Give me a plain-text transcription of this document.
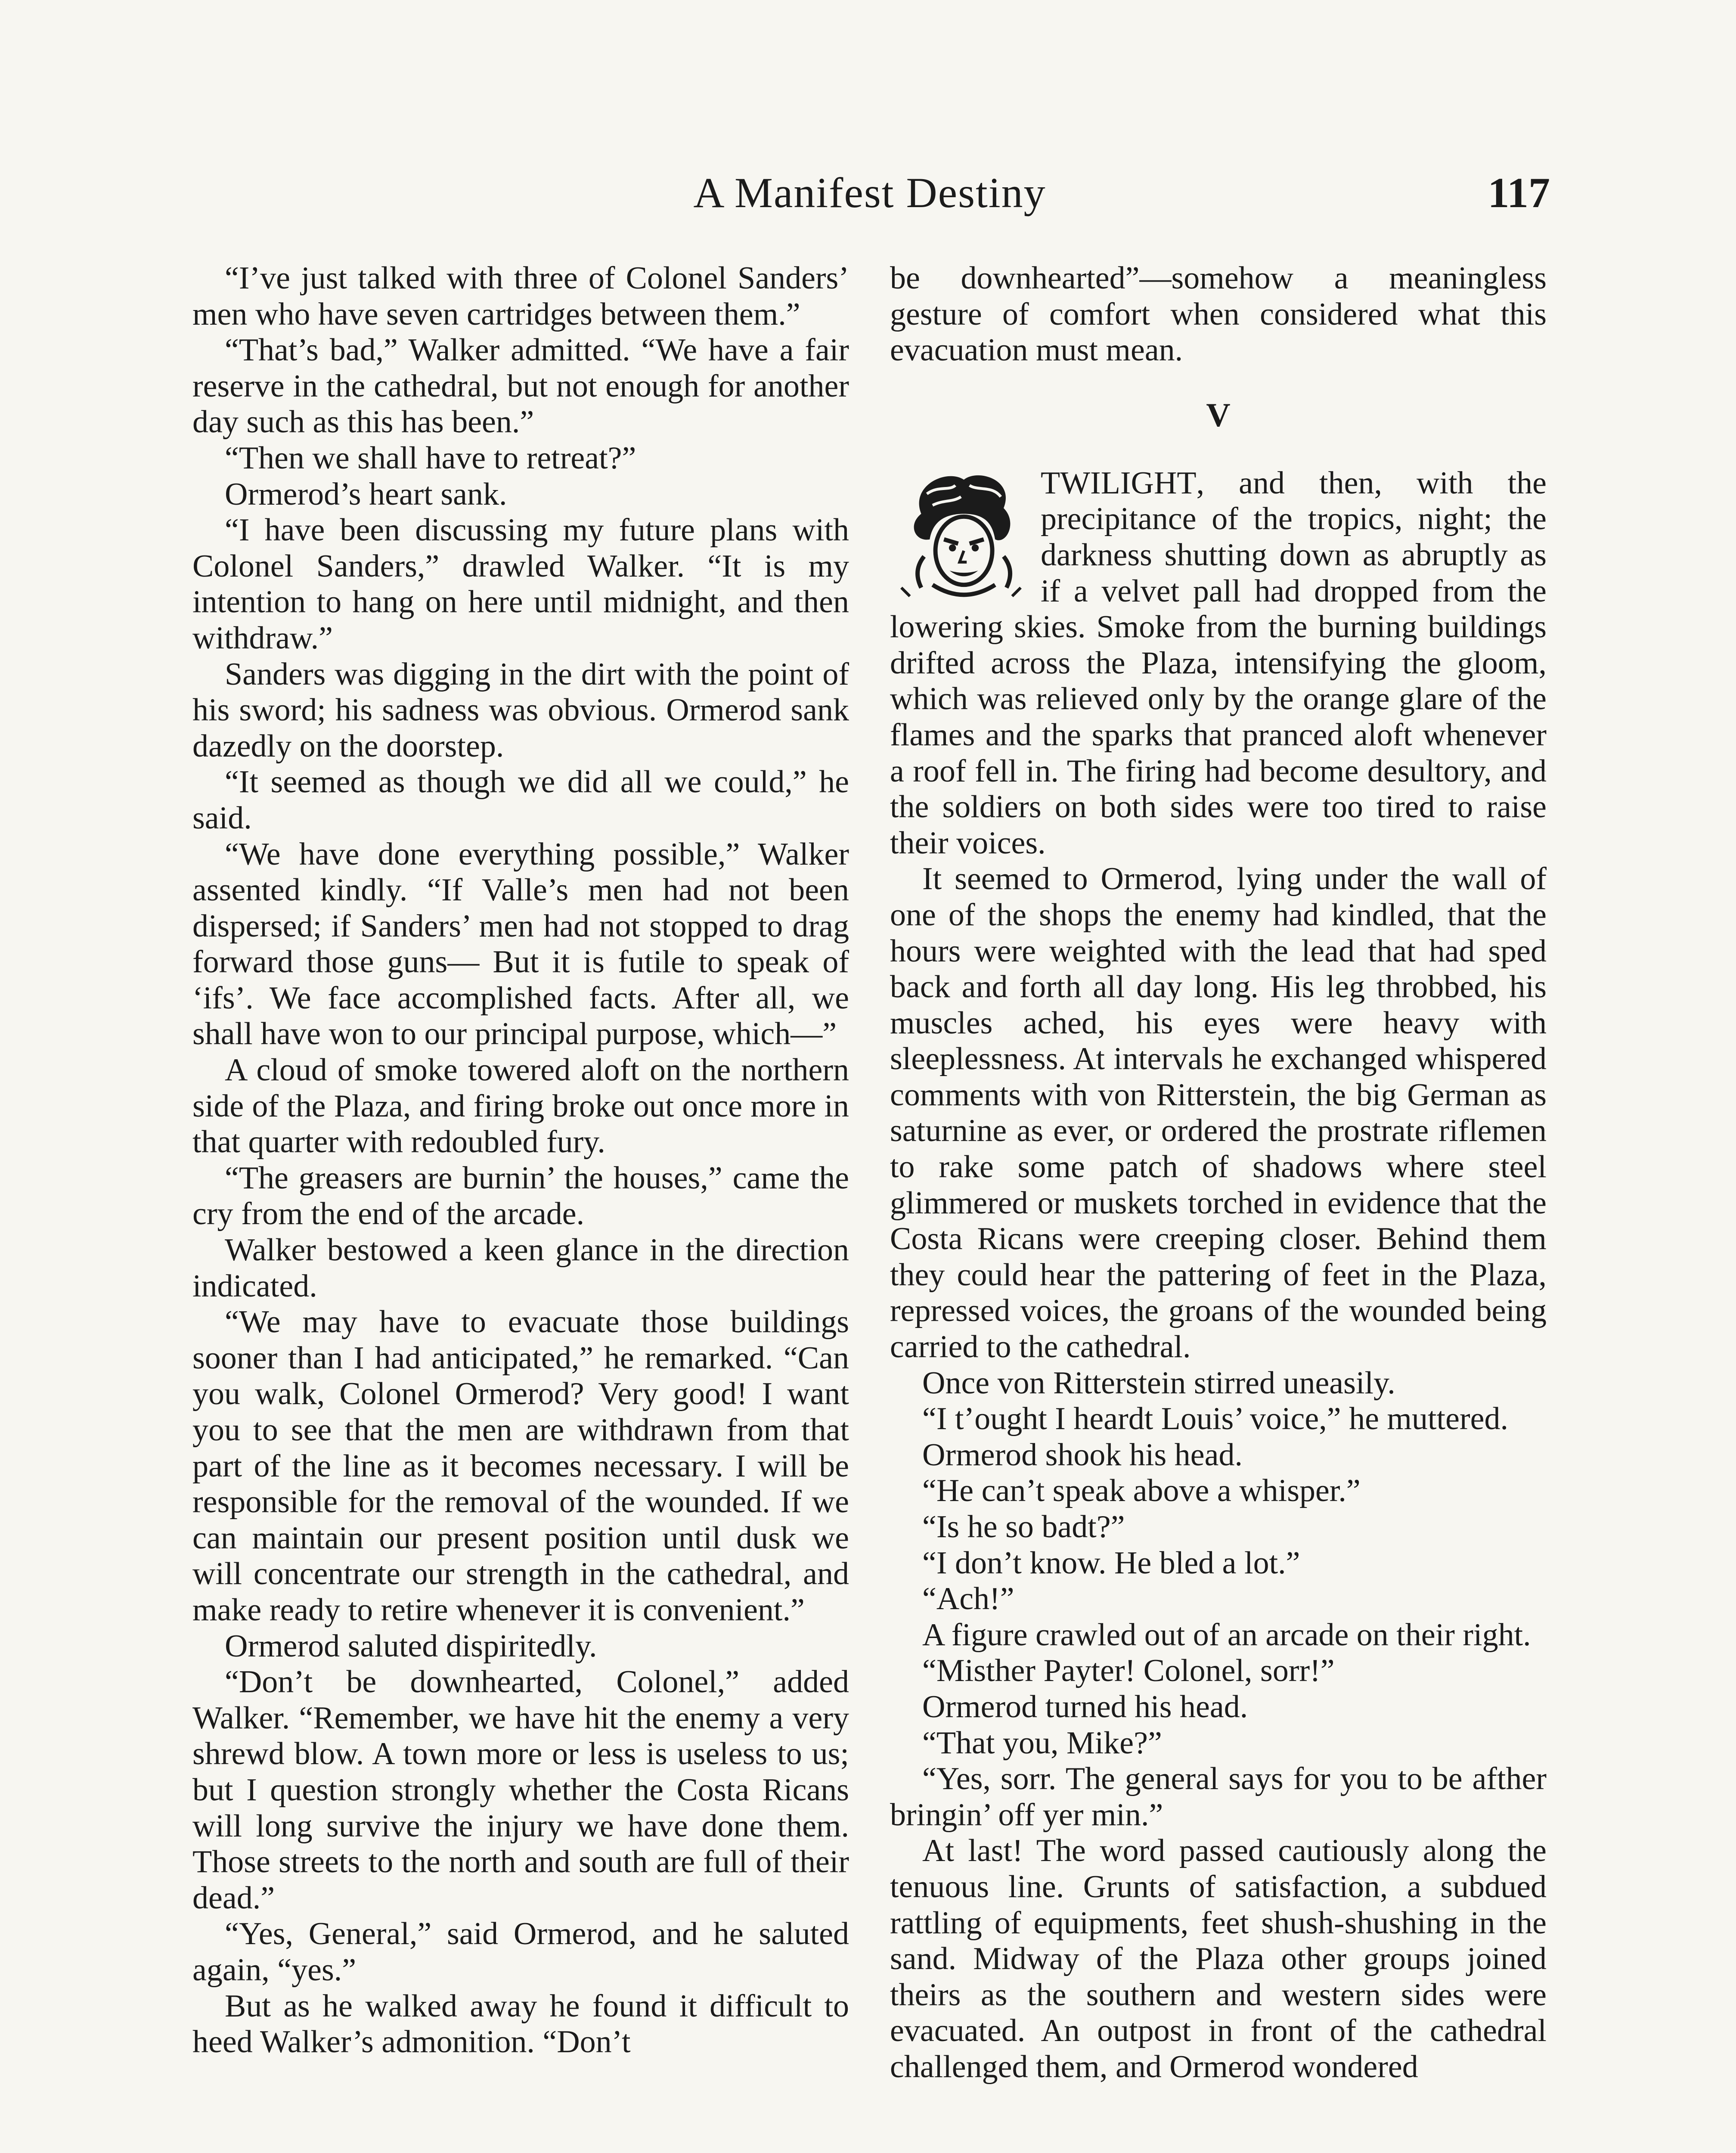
A Manifest Destiny	117

“I’ve just talked with three of Colonel Sanders’ men who have seven cartridges between them.”

“That’s bad,” Walker admitted. “We have a fair reserve in the cathedral, but not enough for another day such as this has been.”

“Then we shall have to retreat?”

Ormerod’s heart sank.

“I have been discussing my future plans with Colonel Sanders,” drawled Walker. “It is my intention to hang on here until midnight, and then withdraw.”

Sanders was digging in the dirt with the point of his sword; his sadness was obvious. Ormerod sank dazedly on the doorstep.

“It seemed as though we did all we could,” he said.

“We have done everything possible,” Walker assented kindly. “If Valle’s men had not been dispersed; if Sanders’ men had not stopped to drag forward those guns— But it is futile to speak of ‘ifs’. We face accomplished facts. After all, we shall have won to our principal purpose, which—”

A cloud of smoke towered aloft on the northern side of the Plaza, and firing broke out once more in that quarter with redoubled fury.

“The greasers are burnin’ the houses,” came the cry from the end of the arcade.

Walker bestowed a keen glance in the direction indicated.

“We may have to evacuate those buildings sooner than I had anticipated,” he remarked. “Can you walk, Colonel Ormerod? Very good! I want you to see that the men are withdrawn from that part of the line as it becomes necessary. I will be responsible for the removal of the wounded. If we can maintain our present position until dusk we will concentrate our strength in the cathedral, and make ready to retire whenever it is convenient.”

Ormerod saluted dispiritedly.

“Don’t be downhearted, Colonel,” added Walker. “Remember, we have hit the enemy a very shrewd blow. A town more or less is useless to us; but I question strongly whether the Costa Ricans will long survive the injury we have done them. Those streets to the north and south are full of their dead.”

“Yes, General,” said Ormerod, and he saluted again, “yes.”

But as he walked away he found it difficult to heed Walker’s admonition. “Don’t

be downhearted”—somehow a meaningless gesture of comfort when considered what this evacuation must mean.

V

TWILIGHT, and then, with the precipitance of the tropics, night; the darkness shutting down as abruptly as if a velvet pall had dropped from the lowering skies. Smoke from the burning buildings drifted across the Plaza, intensifying the gloom, which was relieved only by the orange glare of the flames and the sparks that pranced aloft whenever a roof fell in. The firing had become desultory, and the soldiers on both sides were too tired to raise their voices.

It seemed to Ormerod, lying under the wall of one of the shops the enemy had kindled, that the hours were weighted with the lead that had sped back and forth all day long. His leg throbbed, his muscles ached, his eyes were heavy with sleeplessness. At intervals he exchanged whispered comments with von Ritterstein, the big German as saturnine as ever, or ordered the prostrate riflemen to rake some patch of shadows where steel glimmered or muskets torched in evidence that the Costa Ricans were creeping closer. Behind them they could hear the pattering of feet in the Plaza, repressed voices, the groans of the wounded being carried to the cathedral.

Once von Ritterstein stirred uneasily.

“I t’ought I heardt Louis’ voice,” he muttered.

Ormerod shook his head.

“He can’t speak above a whisper.”

“Is he so badt?”

“I don’t know. He bled a lot.”

“Ach!”

A figure crawled out of an arcade on their right.

“Misther Payter! Colonel, sorr!”

Ormerod turned his head.

“That you, Mike?”

“Yes, sorr. The general says for you to be afther bringin’ off yer min.”

At last! The word passed cautiously along the tenuous line. Grunts of satisfaction, a subdued rattling of equipments, feet shush-shushing in the sand. Midway of the Plaza other groups joined theirs as the southern and western sides were evacuated. An outpost in front of the cathedral challenged them, and Ormerod wondered
